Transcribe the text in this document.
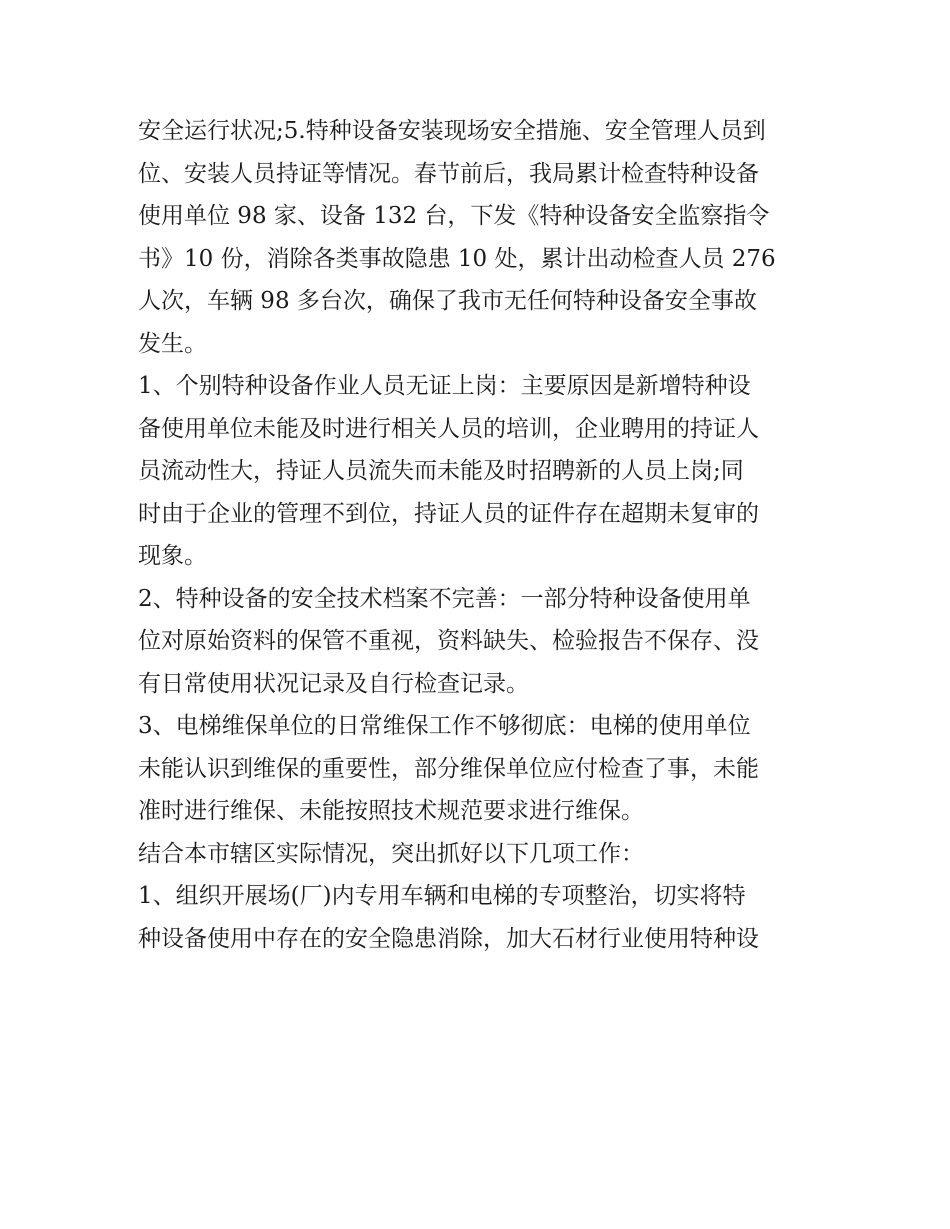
安全运行状况;5.特种设备安装现场安全措施、安全管理人员到

位、安装人员持证等情况。春节前后，我局累计检查特种设备

使用单位 98 家、设备 132 台，下发《特种设备安全监察指令

书》10 份，消除各类事故隐患 10 处，累计出动检查人员 276

人次，车辆 98 多台次，确保了我市无任何特种设备安全事故

发生。

1、个别特种设备作业人员无证上岗：主要原因是新增特种设

备使用单位未能及时进行相关人员的培训，企业聘用的持证人

员流动性大，持证人员流失而未能及时招聘新的人员上岗;同

时由于企业的管理不到位，持证人员的证件存在超期未复审的

现象。

2、特种设备的安全技术档案不完善：一部分特种设备使用单

位对原始资料的保管不重视，资料缺失、检验报告不保存、没

有日常使用状况记录及自行检查记录。

3、电梯维保单位的日常维保工作不够彻底：电梯的使用单位

未能认识到维保的重要性，部分维保单位应付检查了事，未能

准时进行维保、未能按照技术规范要求进行维保。

结合本市辖区实际情况，突出抓好以下几项工作：

1、组织开展场(厂)内专用车辆和电梯的专项整治，切实将特

种设备使用中存在的安全隐患消除，加大石材行业使用特种设
